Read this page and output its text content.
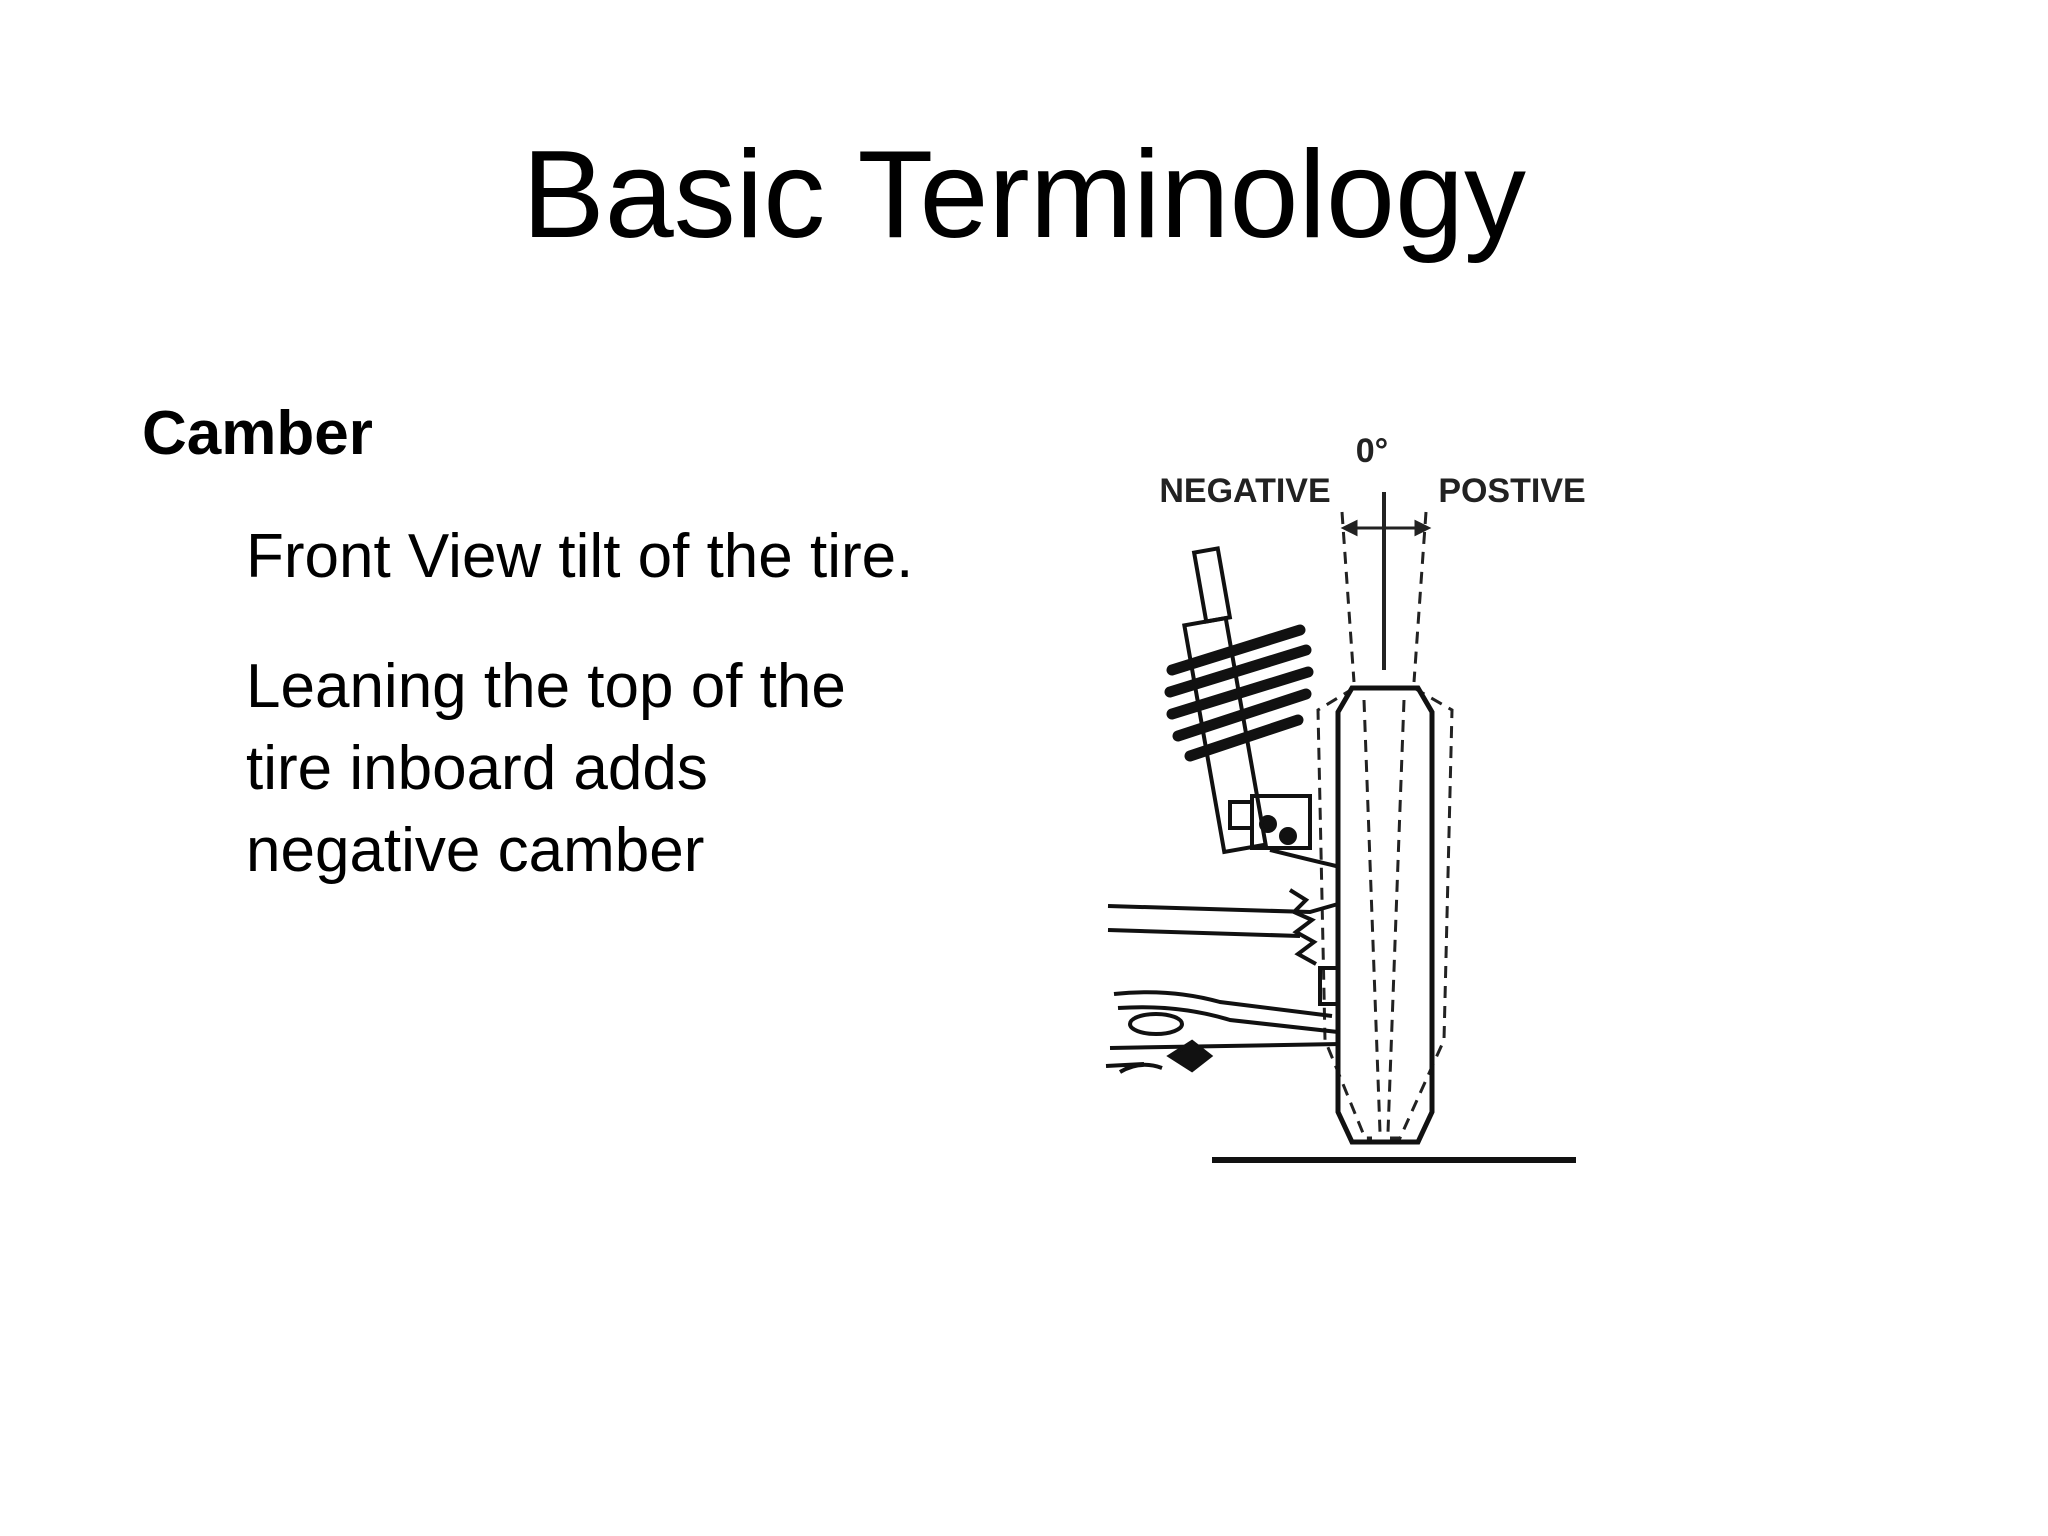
Basic Terminology
Camber
Front View tilt of the tire.
Leaning the top of the
tire inboard adds
negative camber
0°
NEGATIVE	POSTIVE
